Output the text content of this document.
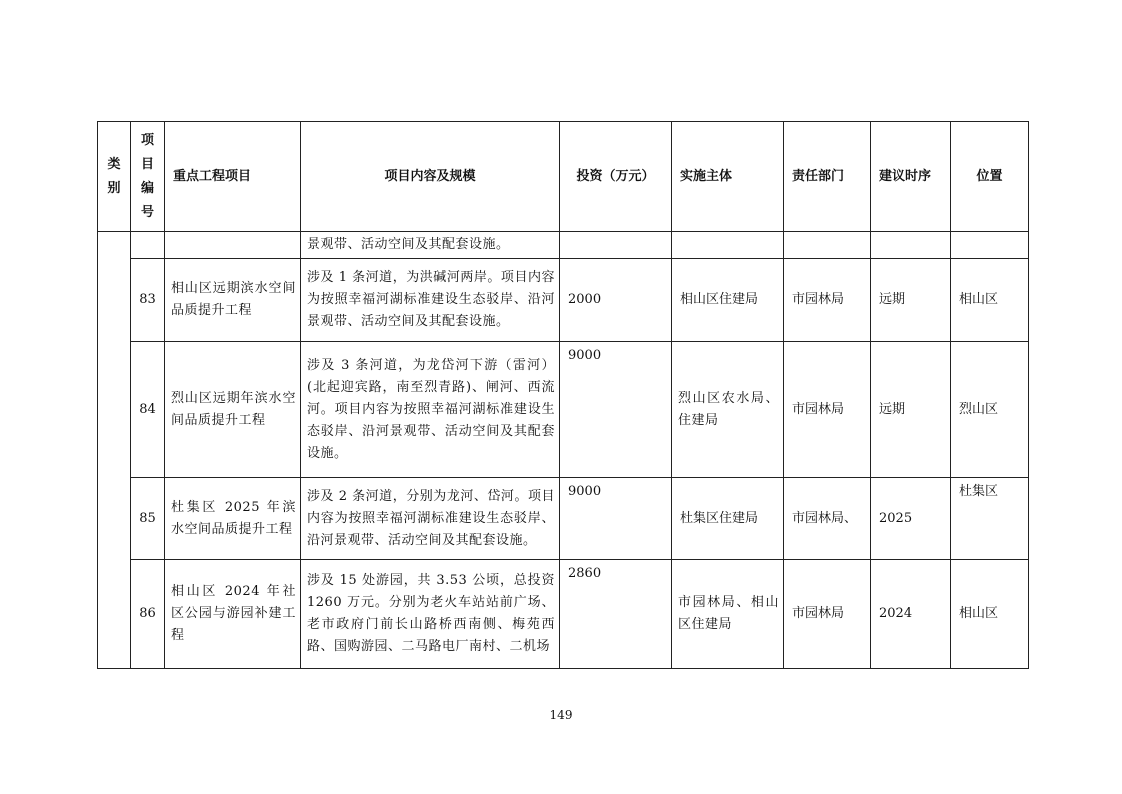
类别	项目编号	重点工程项目	项目内容及规模	投资（万元）	实施主体	责任部门	建议时序	位置
			景观带、活动空间及其配套设施。					
	83	相山区远期滨水空间品质提升工程	涉及 1 条河道，为洪碱河两岸。项目内容为按照幸福河湖标准建设生态驳岸、沿河景观带、活动空间及其配套设施。	2000	相山区住建局	市园林局	远期	相山区
	84	烈山区远期年滨水空间品质提升工程	涉及 3 条河道，为龙岱河下游（雷河）(北起迎宾路，南至烈青路)、闸河、西流河。项目内容为按照幸福河湖标准建设生态驳岸、沿河景观带、活动空间及其配套设施。	9000	烈山区农水局、住建局	市园林局	远期	烈山区
	85	杜集区 2025 年滨水空间品质提升工程	涉及 2 条河道，分别为龙河、岱河。项目内容为按照幸福河湖标准建设生态驳岸、沿河景观带、活动空间及其配套设施。	9000	杜集区住建局	市园林局、	2025	杜集区
	86	相山区 2024 年社区公园与游园补建工程	涉及 15 处游园，共 3.53 公顷，总投资 1260 万元。分别为老火车站站前广场、老市政府门前长山路桥西南侧、梅苑西路、国购游园、二马路电厂南村、二机场	2860	市园林局、相山区住建局	市园林局	2024	相山区
149
